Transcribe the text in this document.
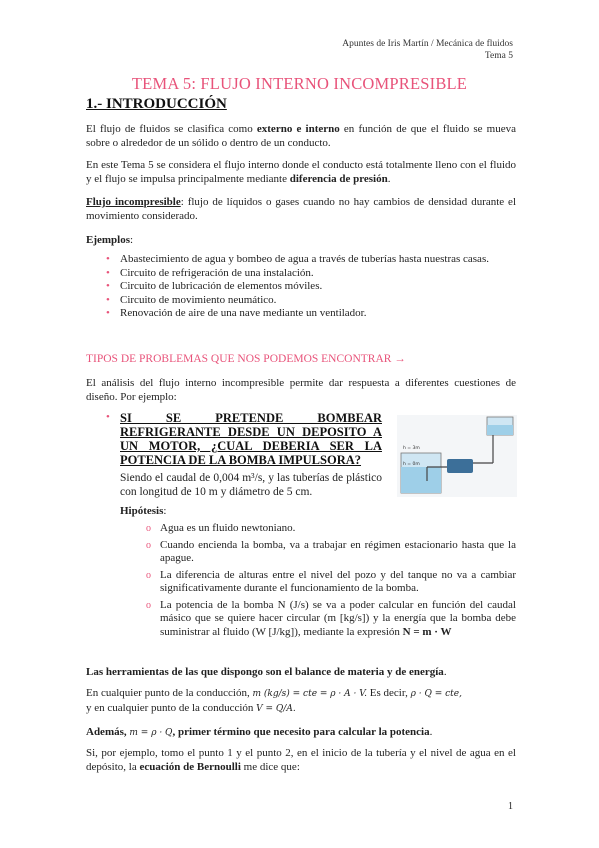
Apuntes de Iris Martín / Mecánica de fluidos
Tema 5
TEMA 5: FLUJO INTERNO INCOMPRESIBLE
1.- INTRODUCCIÓN
El flujo de fluidos se clasifica como externo e interno en función de que el fluido se mueva sobre o alrededor de un sólido o dentro de un conducto.
En este Tema 5 se considera el flujo interno donde el conducto está totalmente lleno con el fluido y el flujo se impulsa principalmente mediante diferencia de presión.
Flujo incompresible: flujo de líquidos o gases cuando no hay cambios de densidad durante el movimiento considerado.
Ejemplos:
• Abastecimiento de agua y bombeo de agua a través de tuberías hasta nuestras casas.
• Circuito de refrigeración de una instalación.
• Circuito de lubricación de elementos móviles.
• Circuito de movimiento neumático.
• Renovación de aire de una nave mediante un ventilador.
TIPOS DE PROBLEMAS QUE NOS PODEMOS ENCONTRAR →
El análisis del flujo interno incompresible permite dar respuesta a diferentes cuestiones de diseño. Por ejemplo:
• SI SE PRETENDE BOMBEAR REFRIGERANTE DESDE UN DEPOSITO A UN MOTOR, ¿CUAL DEBERIA SER LA POTENCIA DE LA BOMBA IMPULSORA?
Siendo el caudal de 0,004 m³/s, y las tuberías de plástico con longitud de 10 m y diámetro de 5 cm.
h = 3m
h = 0m
Hipótesis:
o Agua es un fluido newtoniano.
o Cuando encienda la bomba, va a trabajar en régimen estacionario hasta que la apague.
o La diferencia de alturas entre el nivel del pozo y del tanque no va a cambiar significativamente durante el funcionamiento de la bomba.
o La potencia de la bomba N (J/s) se va a poder calcular en función del caudal másico que se quiere hacer circular (m [kg/s]) y la energía que la bomba debe suministrar al fluido (W [J/kg]), mediante la expresión N = m · W
Las herramientas de las que dispongo son el balance de materia y de energía.
En cualquier punto de la conducción, m (kg/s) = cte = ρ · A · V. Es decir, ρ · Q = cte,
y en cualquier punto de la conducción V = Q/A.
Además, m = ρ · Q, primer término que necesito para calcular la potencia.
Si, por ejemplo, tomo el punto 1 y el punto 2, en el inicio de la tubería y el nivel de agua en el depósito, la ecuación de Bernoulli me dice que:
1
